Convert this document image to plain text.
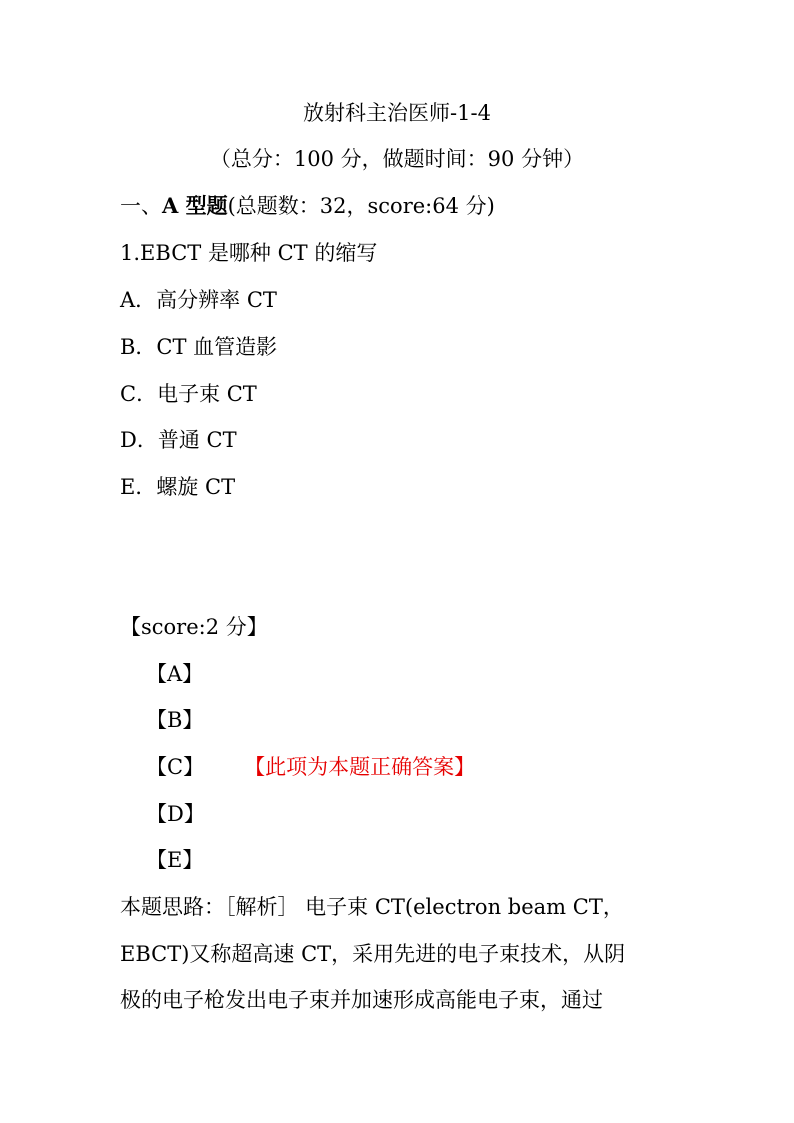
放射科主治医师-1-4
（总分：100 分，做题时间：90 分钟）
一、A 型题(总题数：32，score:64 分)
1.EBCT 是哪种 CT 的缩写
A．高分辨率 CT
B．CT 血管造影
C．电子束 CT
D．普通 CT
E．螺旋 CT
【score:2 分】
【A】
【B】
【C】 【此项为本题正确答案】
【D】
【E】
本题思路：［解析］ 电子束 CT(electron beam CT，
EBCT)又称超高速 CT，采用先进的电子束技术，从阴
极的电子枪发出电子束并加速形成高能电子束，通过
